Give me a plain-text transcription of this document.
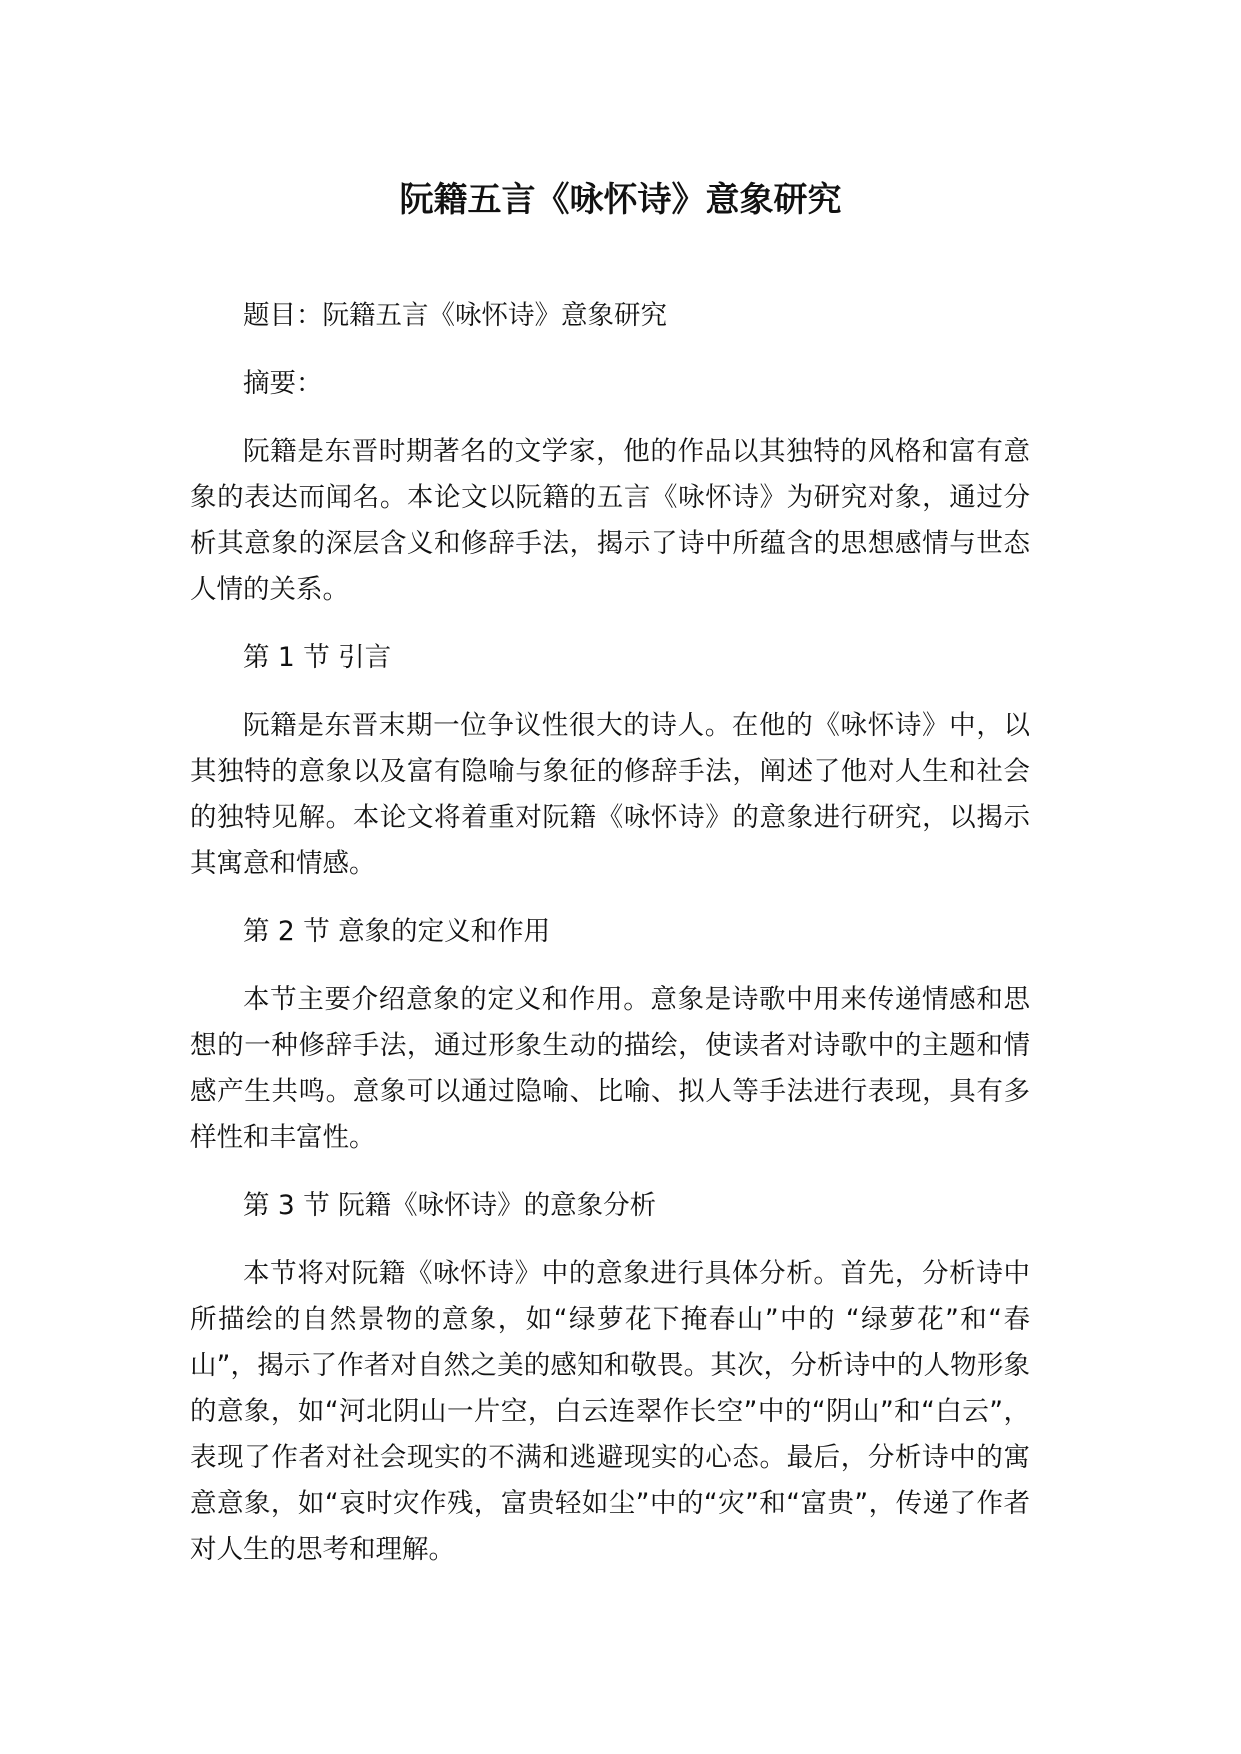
阮籍五言《咏怀诗》意象研究

题目：阮籍五言《咏怀诗》意象研究

摘要：

阮籍是东晋时期著名的文学家，他的作品以其独特的风格和富有意象的表达而闻名。本论文以阮籍的五言《咏怀诗》为研究对象，通过分析其意象的深层含义和修辞手法，揭示了诗中所蕴含的思想感情与世态人情的关系。

第 1 节 引言

阮籍是东晋末期一位争议性很大的诗人。在他的《咏怀诗》中，以其独特的意象以及富有隐喻与象征的修辞手法，阐述了他对人生和社会的独特见解。本论文将着重对阮籍《咏怀诗》的意象进行研究，以揭示其寓意和情感。

第 2 节 意象的定义和作用

本节主要介绍意象的定义和作用。意象是诗歌中用来传递情感和思想的一种修辞手法，通过形象生动的描绘，使读者对诗歌中的主题和情感产生共鸣。意象可以通过隐喻、比喻、拟人等手法进行表现，具有多样性和丰富性。

第 3 节 阮籍《咏怀诗》的意象分析

本节将对阮籍《咏怀诗》中的意象进行具体分析。首先，分析诗中所描绘的自然景物的意象，如“绿萝花下掩春山”中的 “绿萝花”和“春山”，揭示了作者对自然之美的感知和敬畏。其次，分析诗中的人物形象的意象，如“河北阴山一片空，白云连翠作长空”中的“阴山”和“白云”，表现了作者对社会现实的不满和逃避现实的心态。最后，分析诗中的寓意意象，如“哀时灾作残，富贵轻如尘”中的“灾”和“富贵”，传递了作者对人生的思考和理解。
